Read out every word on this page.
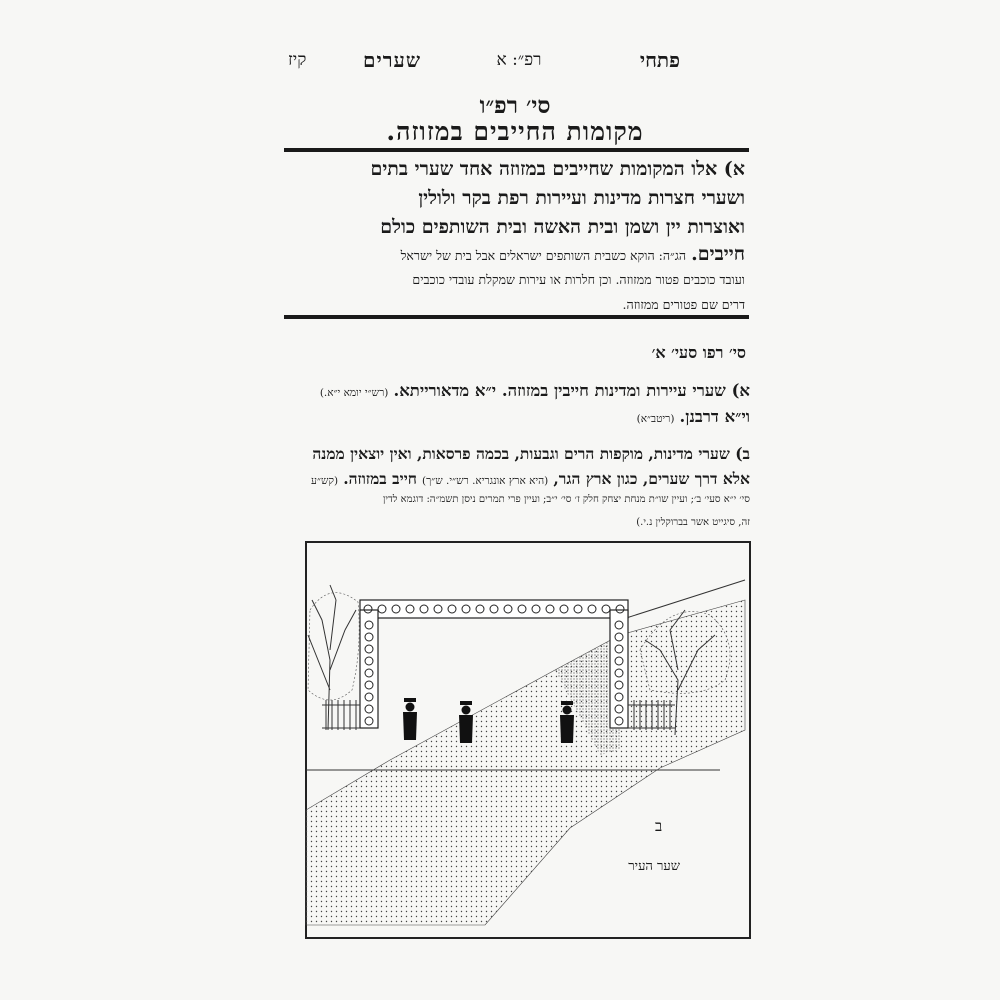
פתחי
רפ״: א
שערים
קיז
סי׳ רפ״ו
מקומות החייבים במזוזה.
א) אלו המקומות שחייבים במזוזה אחד שערי בתים
ושערי חצרות מדינות ועיירות רפת בקר ולולין
ואוצרות יין ושמן ובית האשה ובית השותפים כולם
חייבים. הג״ה: הוקא כשבית השותפים ישראלים אבל בית של ישראל
ועובד כוכבים פטור ממזוזה. וכן חלרות או עירות שמקלת עובדי כוכבים
דרים שם פטורים ממזוזה.
סי׳ רפו סעי׳ א׳
א) שערי עיירות ומדינות חייבין במזוזה. י״א מדאורייתא. (רש״י יומא י״א.)
וי״א דרבנן. (ריטב״א)
ב) שערי מדינות, מוקפות הרים וגבעות, בכמה פרסאות, ואין יוצאין ממנה
אלא דרך שערים, כגון ארץ הגר, (היא ארץ אונגריא. רש״י. ש״ך) חייב במזוזה. (קש״ע
סי׳ י״א סעי׳ ב׳; ועיין שו״ת מנחת יצחק חלק ז׳ סי׳ י״ב; ועיין פרי תמרים ניסן תשמ״ה: דוגמא לדין
זה, סיגייט אשר בברוקלין נ.י.)
ב
שער העיר
